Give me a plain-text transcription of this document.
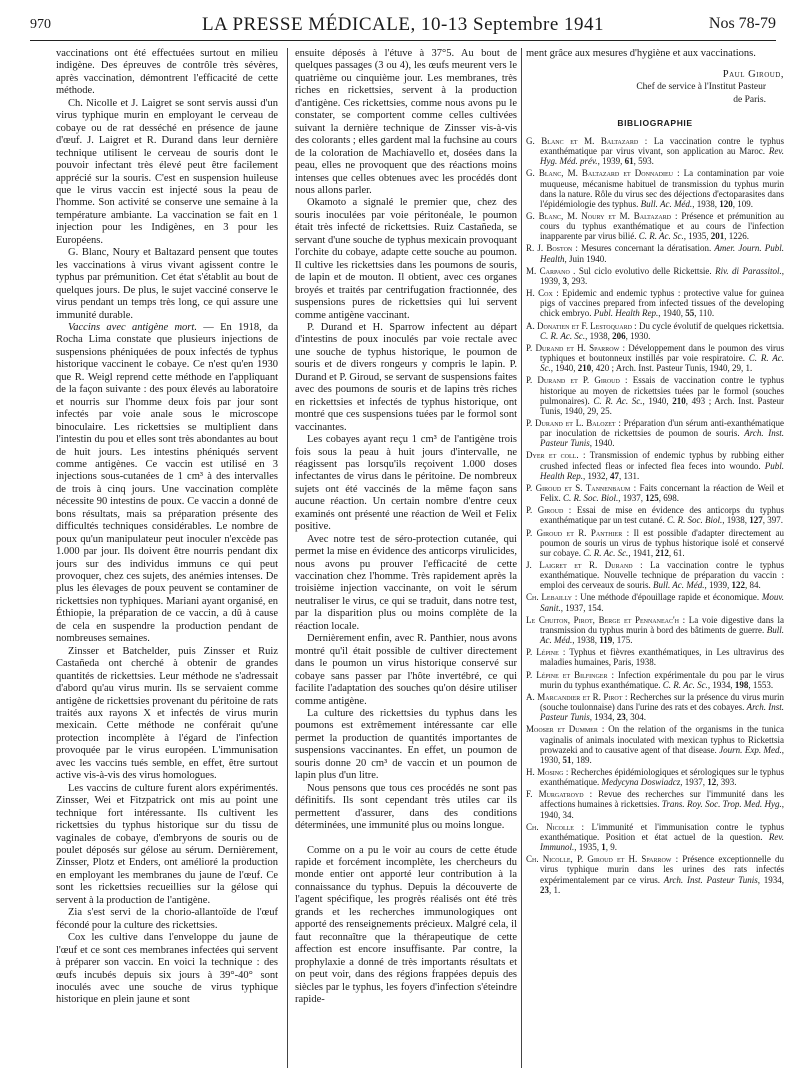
970	LA PRESSE MÉDICALE, 10-13 Septembre 1941	Nos 78-79

vaccinations ont été effectuées surtout en milieu indigène. Des épreuves de contrôle très sévères, après vaccination, démontrent l'efficacité de cette méthode.

Ch. Nicolle et J. Laigret se sont servis aussi d'un virus typhique murin en employant le cerveau de cobaye ou de rat desséché en présence de jaune d'œuf. J. Laigret et R. Durand dans leur dernière technique utilisent le cerveau de souris dont le pouvoir infectant très élevé peut être facilement apprécié sur la souris. C'est en suspension huileuse que le virus vaccin est injecté sous la peau de l'homme. Son activité se conserve une semaine à la température ambiante. La vaccination se fait en 1 injection pour les Indigènes, en 3 pour les Européens.

G. Blanc, Noury et Baltazard pensent que toutes les vaccinations à virus vivant agissent contre le typhus par prémunition. Cet état s'établit au bout de quelques jours. De plus, le sujet vacciné conserve le virus pendant un temps très long, ce qui assure une immunité durable.

Vaccins avec antigène mort. — En 1918, da Rocha Lima constate que plusieurs injections de suspensions phéniquées de poux infectés de typhus historique vaccinent le cobaye. Ce n'est qu'en 1930 que R. Weigl reprend cette méthode en l'appliquant de la façon suivante : des poux élevés au laboratoire et nourris sur l'homme deux fois par jour sont infectés par voie anale sous le microscope binoculaire. Les rickettsies se multiplient dans l'intestin du pou et elles sont très abondantes au bout de huit jours. Les intestins phéniqués servent comme antigènes. Ce vaccin est utilisé en 3 injections sous-cutanées de 1 cm³ à des intervalles de trois à cinq jours. Une vaccination complète nécessite 90 intestins de poux. Ce vaccin a donné de bons résultats, mais sa préparation présente des difficultés techniques considérables. Le nombre de poux qu'un manipulateur peut inoculer n'excède pas 1.000 par jour. Ils doivent être nourris pendant dix jours sur des individus immuns ce qui peut provoquer, chez ces sujets, des anémies intenses. De plus les élevages de poux peuvent se contaminer de rickettsies non typhiques. Mariani ayant organisé, en Éthiopie, la préparation de ce vaccin, a dû à cause de cela en suspendre la production pendant de nombreuses semaines.

Zinsser et Batchelder, puis Zinsser et Ruiz Castañeda ont cherché à obtenir de grandes quantités de rickettsies. Leur méthode ne s'adressait d'abord qu'au virus murin. Ils se servaient comme antigène de rickettsies provenant du péritoine de rats traités aux rayons X et infectés de virus murin mexicain. Cette méthode ne conférait qu'une protection incomplète à l'égard de l'infection provoquée par le virus européen. L'immunisation avec les vaccins tués semble, en effet, être surtout active vis-à-vis des virus homologues.

Les vaccins de culture furent alors expérimentés. Zinsser, Wei et Fitzpatrick ont mis au point une technique fort intéressante. Ils cultivent les rickettsies du typhus historique sur du tissu de vaginales de cobaye, d'embryons de souris ou de poulet déposés sur gélose au sérum. Dernièrement, Zinsser, Plotz et Enders, ont amélioré la production en employant les membranes du jaune de l'œuf. Ce sont les rickettsies recueillies sur la gélose qui servent à la production de l'antigène.

Zia s'est servi de la chorio-allantoïde de l'œuf fécondé pour la culture des rickettsies.

Cox les cultive dans l'enveloppe du jaune de l'œuf et ce sont ces membranes infectées qui servent à préparer son vaccin. En voici la technique : des œufs incubés depuis six jours à 39°-40° sont inoculés avec une souche de virus typhique historique en plein jaune et sont

ensuite déposés à l'étuve à 37°5. Au bout de quelques passages (3 ou 4), les œufs meurent vers le quatrième ou cinquième jour. Les membranes, très riches en rickettsies, servent à la production d'antigène. Ces rickettsies, comme nous avons pu le constater, se comportent comme celles cultivées suivant la dernière technique de Zinsser vis-à-vis des colorants ; elles gardent mal la fuchsine au cours de la coloration de Machiavello et, dosées dans la peau, elles ne provoquent que des réactions moins intenses que celles obtenues avec les procédés dont nous allons parler.

Okamoto a signalé le premier que, chez des souris inoculées par voie péritonéale, le poumon était très infecté de rickettsies. Ruiz Castañeda, se servant d'une souche de typhus mexicain provoquant l'orchite du cobaye, adapte cette souche au poumon. Il cultive les rickettsies dans les poumons de souris, de lapin et de mouton. Il obtient, avec ces organes broyés et traités par centrifugation fractionnée, des suspensions pures de rickettsies qui lui servent comme antigène vaccinant.

P. Durand et H. Sparrow infectent au départ d'intestins de poux inoculés par voie rectale avec une souche de typhus historique, le poumon de souris et de divers rongeurs y compris le lapin. P. Durand et P. Giroud, se servant de suspensions faites avec des poumons de souris et de lapins très riches en rickettsies et infectés de typhus historique, ont montré que ces suspensions tuées par le formol sont vaccinantes.

Les cobayes ayant reçu 1 cm³ de l'antigène trois fois sous la peau à huit jours d'intervalle, ne réagissent pas lorsqu'ils reçoivent 1.000 doses infectantes de virus dans le péritoine. De nombreux sujets ont été vaccinés de la même façon sans aucune réaction. Un certain nombre d'entre ceux examinés ont présenté une réaction de Weil et Felix positive.

Avec notre test de séro-protection cutanée, qui permet la mise en évidence des anticorps virulicides, nous avons pu prouver l'efficacité de cette vaccination chez l'homme. Très rapidement après la troisième injection vaccinante, on voit le sérum neutraliser le virus, ce qui se traduit, dans notre test, par la disparition plus ou moins complète de la réaction locale.

Dernièrement enfin, avec R. Panthier, nous avons montré qu'il était possible de cultiver directement dans le poumon un virus historique conservé sur cobaye sans passer par l'hôte invertébré, ce qui facilite l'adaptation des souches qu'on désire utiliser comme antigène.

La culture des rickettsies du typhus dans les poumons est extrêmement intéressante car elle permet la production de quantités importantes de suspensions vaccinantes. En effet, un poumon de souris donne 20 cm³ de vaccin et un poumon de lapin plus d'un litre.

Nous pensons que tous ces procédés ne sont pas définitifs. Ils sont cependant très utiles car ils permettent d'assurer, dans des conditions déterminées, une immunité plus ou moins longue.

Comme on a pu le voir au cours de cette étude rapide et forcément incomplète, les chercheurs du monde entier ont apporté leur contribution à la connaissance du typhus. Depuis la découverte de l'agent spécifique, les progrès réalisés ont été très grands et les recherches immunologiques ont apporté des renseignements précieux. Malgré cela, il faut reconnaître que la thérapeutique de cette affection est encore insuffisante. Par contre, la prophylaxie a donné de très importants résultats et on peut voir, dans des régions frappées depuis des siècles par le typhus, les foyers d'infection s'éteindre rapide-

ment grâce aux mesures d'hygiène et aux vaccinations.

Paul Giroud,
Chef de service à l'Institut Pasteur
de Paris.
BIBLIOGRAPHIE
G. Blanc et M. Baltazard : La vaccination contre le typhus exanthématique par virus vivant, son application au Maroc. Rev. Hyg. Méd. prév., 1939, 61, 593.
G. Blanc, M. Baltazard et Donnadieu : La contamination par voie muqueuse, mécanisme habituel de transmission du typhus murin dans la nature. Rôle du virus sec des déjections d'ectoparasites dans l'épidémiologie des typhus. Bull. Ac. Méd., 1938, 120, 109.
G. Blanc, M. Noury et M. Baltazard : Présence et prémunition au cours du typhus exanthématique et au cours de l'infection inapparente par virus bilié. C. R. Ac. Sc., 1935, 201, 1226.
R. J. Boston : Mesures concernant la dératisation. Amer. Journ. Publ. Health, Juin 1940.
M. Carpano . Sul ciclo evolutivo delle Rickettsie. Riv. di Parassitol., 1939, 3, 293.
H. Cox : Epidemic and endemic typhus : protective value for guinea pigs of vaccines prepared from infected tissues of the developing chick embryo. Publ. Health Rep., 1940, 55, 110.
A. Donatien et F. Lestoquard : Du cycle évolutif de quelques rickettsia. C. R. Ac. Sc., 1938, 206, 1930.
P. Durand et H. Sparrow : Développement dans le poumon des virus typhiques et boutonneux instillés par voie respiratoire. C. R. Ac. Sc., 1940, 210, 420 ; Arch. Inst. Pasteur Tunis, 1940, 29, 1.
P. Durand et P. Giroud : Essais de vaccination contre le typhus historique au moyen de rickettsies tuées par le formol (souches pulmonaires). C. R. Ac. Sc., 1940, 210, 493 ; Arch. Inst. Pasteur Tunis, 1940, 29, 25.
P. Durand et L. Balozet : Préparation d'un sérum anti-exanthématique par inoculation de rickettsies de poumon de souris. Arch. Inst. Pasteur Tunis, 1940.
Dyer et coll. : Transmission of endemic typhus by rubbing either crushed infected fleas or infected flea feces into woundo. Publ. Health Rep., 1932, 47, 131.
P. Giroud et S. Tannenbaum : Faits concernant la réaction de Weil et Felix. C. R. Soc. Biol., 1937, 125, 698.
P. Giroud : Essai de mise en évidence des anticorps du typhus exanthématique par un test cutané. C. R. Soc. Biol., 1938, 127, 397.
P. Giroud et R. Panthier : Il est possible d'adapter directement au poumon de souris un virus de typhus historique isolé et conservé sur cobaye. C. R. Ac. Sc., 1941, 212, 61.
J. Laigret et R. Durand : La vaccination contre le typhus exanthématique. Nouvelle technique de préparation du vaccin : emploi des cerveaux de souris. Bull. Ac. Méd., 1939, 122, 84.
Ch. Lebailly : Une méthode d'épouillage rapide et économique. Mouv. Sanit., 1937, 154.
Le Chuiton, Pirot, Berge et Pennaneac'h : La voie digestive dans la transmission du typhus murin à bord des bâtiments de guerre. Bull. Ac. Méd., 1938, 119, 175.
P. Lépine : Typhus et fièvres exanthématiques, in Les ultravirus des maladies humaines, Paris, 1938.
P. Lépine et Bilfinger : Infection expérimentale du pou par le virus murin du typhus exanthématique. C. R. Ac. Sc., 1934, 198, 1553.
A. Marcandier et R. Pirot : Recherches sur la présence du virus murin (souche toulonnaise) dans l'urine des rats et des cobayes. Arch. Inst. Pasteur Tunis, 1934, 23, 304.
Mooser et Dummer : On the relation of the organisms in the tunica vaginalis of animals inoculated with mexican typhus to Rickettsia prowazeki and to causative agent of that disease. Journ. Exp. Med., 1930, 51, 189.
H. Mosing : Recherches épidémiologiques et sérologiques sur le typhus exanthématique. Medycyna Doswiadcz, 1937, 12, 393.
F. Murgatroyd : Revue des recherches sur l'immunité dans les affections humaines à rickettsies. Trans. Roy. Soc. Trop. Med. Hyg., 1940, 34.
Ch. Nicolle : L'immunité et l'immunisation contre le typhus exanthématique. Position et état actuel de la question. Rev. Immunol., 1935, 1, 9.
Ch. Nicolle, P. Giroud et H. Sparrow : Présence exceptionnelle du virus typhique murin dans les urines des rats infectés expérimentalement par ce virus. Arch. Inst. Pasteur Tunis, 1934, 23, 1.
